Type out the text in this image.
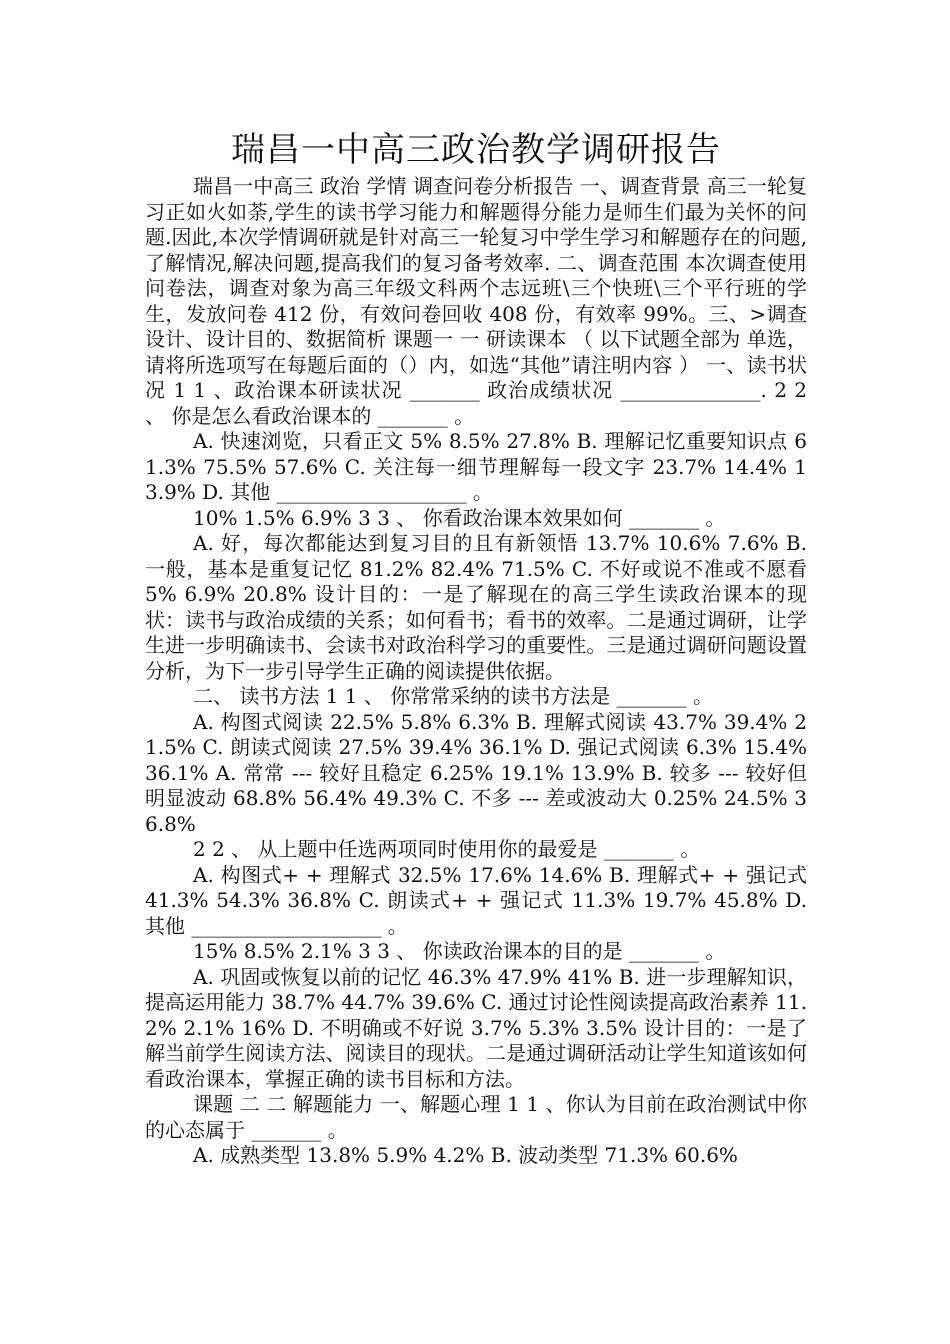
瑞昌一中高三政治教学调研报告

瑞昌一中高三 政治 学情 调查问卷分析报告 一、调查背景 高三一轮复习正如火如荼,学生的读书学习能力和解题得分能力是师生们最为关怀的问题.因此,本次学情调研就是针对高三一轮复习中学生学习和解题存在的问题,了解情况,解决问题,提高我们的复习备考效率. 二、调查范围 本次调查使用问卷法，调查对象为高三年级文科两个志远班\三个快班\三个平行班的学生，发放问卷 412 份，有效问卷回收 408 份，有效率 99%。三、>调查设计、设计目的、数据简析 课题一 一 研读课本 （ 以下试题全部为 单选，请将所选项写在每题后面的（）内，如选“其他”请注明内容 ） 一、读书状况 1 1 、政治课本研读状况 _______ 政治成绩状况 ______________. 2 2 、 你是怎么看政治课本的 _______ 。

A. 快速浏览，只看正文 5% 8.5% 27.8% B. 理解记忆重要知识点 61.3% 75.5% 57.6% C. 关注每一细节理解每一段文字 23.7% 14.4% 13.9% D. 其他 ___________________ 。

10% 1.5% 6.9% 3 3 、 你看政治课本效果如何 _______ 。

A. 好，每次都能达到复习目的且有新领悟 13.7% 10.6% 7.6% B. 一般，基本是重复记忆 81.2% 82.4% 71.5% C. 不好或说不准或不愿看 5% 6.9% 20.8% 设计目的：一是了解现在的高三学生读政治课本的现状：读书与政治成绩的关系；如何看书；看书的效率。二是通过调研，让学生进一步明确读书、会读书对政治科学习的重要性。三是通过调研问题设置分析，为下一步引导学生正确的阅读提供依据。

二、 读书方法 1 1 、 你常常采纳的读书方法是 _______ 。

A. 构图式阅读 22.5% 5.8% 6.3% B. 理解式阅读 43.7% 39.4% 21.5% C. 朗读式阅读 27.5% 39.4% 36.1% D. 强记式阅读 6.3% 15.4% 36.1% A. 常常 --- 较好且稳定 6.25% 19.1% 13.9% B. 较多 --- 较好但明显波动 68.8% 56.4% 49.3% C. 不多 --- 差或波动大 0.25% 24.5% 36.8%

2 2 、 从上题中任选两项同时使用你的最爱是 _______ 。

A. 构图式+ + 理解式 32.5% 17.6% 14.6% B. 理解式+ + 强记式 41.3% 54.3% 36.8% C. 朗读式+ + 强记式 11.3% 19.7% 45.8% D. 其他 ___________________ 。

15% 8.5% 2.1% 3 3 、 你读政治课本的目的是 _______ 。

A. 巩固或恢复以前的记忆 46.3% 47.9% 41% B. 进一步理解知识，提高运用能力 38.7% 44.7% 39.6% C. 通过讨论性阅读提高政治素养 11.2% 2.1% 16% D. 不明确或不好说 3.7% 5.3% 3.5% 设计目的：一是了解当前学生阅读方法、阅读目的现状。二是通过调研活动让学生知道该如何看政治课本，掌握正确的读书目标和方法。

课题 二 二 解题能力 一、解题心理 1 1 、你认为目前在政治测试中你的心态属于 _______ 。

A. 成熟类型 13.8% 5.9% 4.2% B. 波动类型 71.3% 60.6%
